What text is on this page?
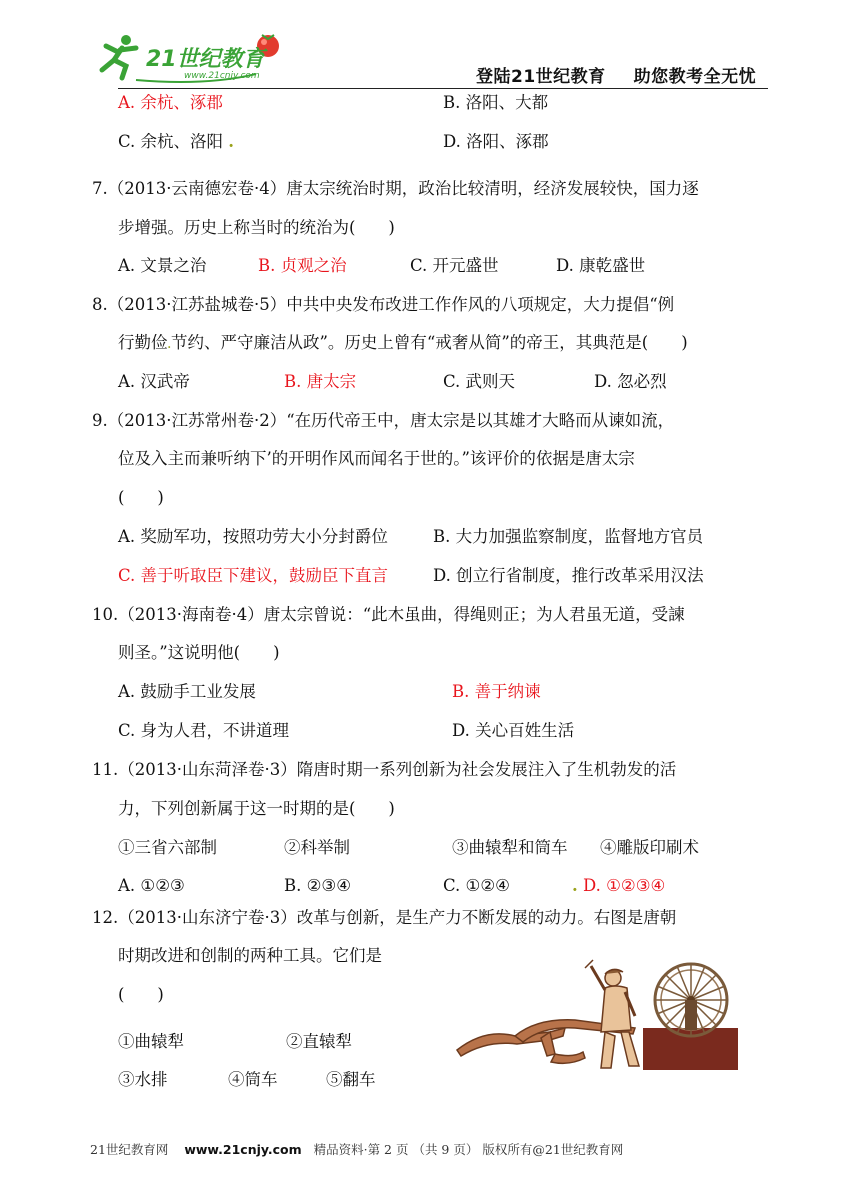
21世纪教育
www.21cnjy.com	登陆21世纪教育 助您教考全无忧
A. 余杭、涿郡	B. 洛阳、大都
C. 余杭、洛阳 .	D. 洛阳、涿郡
7.（2013·云南德宏卷·4）唐太宗统治时期，政治比较清明，经济发展较快，国力逐
步增强。历史上称当时的统治为(　　)
A. 文景之治	B. 贞观之治	C. 开元盛世	D. 康乾盛世
8.（2013·江苏盐城卷·5）中共中央发布改进工作作风的八项规定，大力提倡“例
行勤俭.节约、严守廉洁从政”。历史上曾有“戒奢从简”的帝王，其典范是(　　)
A. 汉武帝	B. 唐太宗	C. 武则天	D. 忽必烈
9.（2013·江苏常州卷·2）“在历代帝王中，唐太宗是以其雄才大略而从谏如流，
位及入主而兼听纳下’的开明作风而闻名于世的。”该评价的依据是唐太宗
(　　)
A. 奖励军功，按照功劳大小分封爵位	B. 大力加强监察制度，监督地方官员
C. 善于听取臣下建议，鼓励臣下直言	D. 创立行省制度，推行改革采用汉法
10.（2013·海南卷·4）唐太宗曾说：“此木虽曲，得绳则正；为人君虽无道，受諫
则圣。”这说明他(　　)
A. 鼓励手工业发展	B. 善于纳谏
C. 身为人君，不讲道理	D. 关心百姓生活
11.（2013·山东菏泽卷·3）隋唐时期一系列创新为社会发展注入了生机勃发的活
力，下列创新属于这一时期的是(　　)
①三省六部制	②科举制	③曲辕犁和筒车 ④雕版印刷术
A. ①②③	B. ②③④	C. ①②④	. D. ①②③④
12.（2013·山东济宁卷·3）改革与创新，是生产力不断发展的动力。右图是唐朝
时期改进和创制的两种工具。它们是
(　　)
①曲辕犁	②直辕犁
③水排	④筒车	⑤翻车
21世纪教育网 www.21cnjy.com 精品资料·第 2 页 （共 9 页） 版权所有@21世纪教育网
